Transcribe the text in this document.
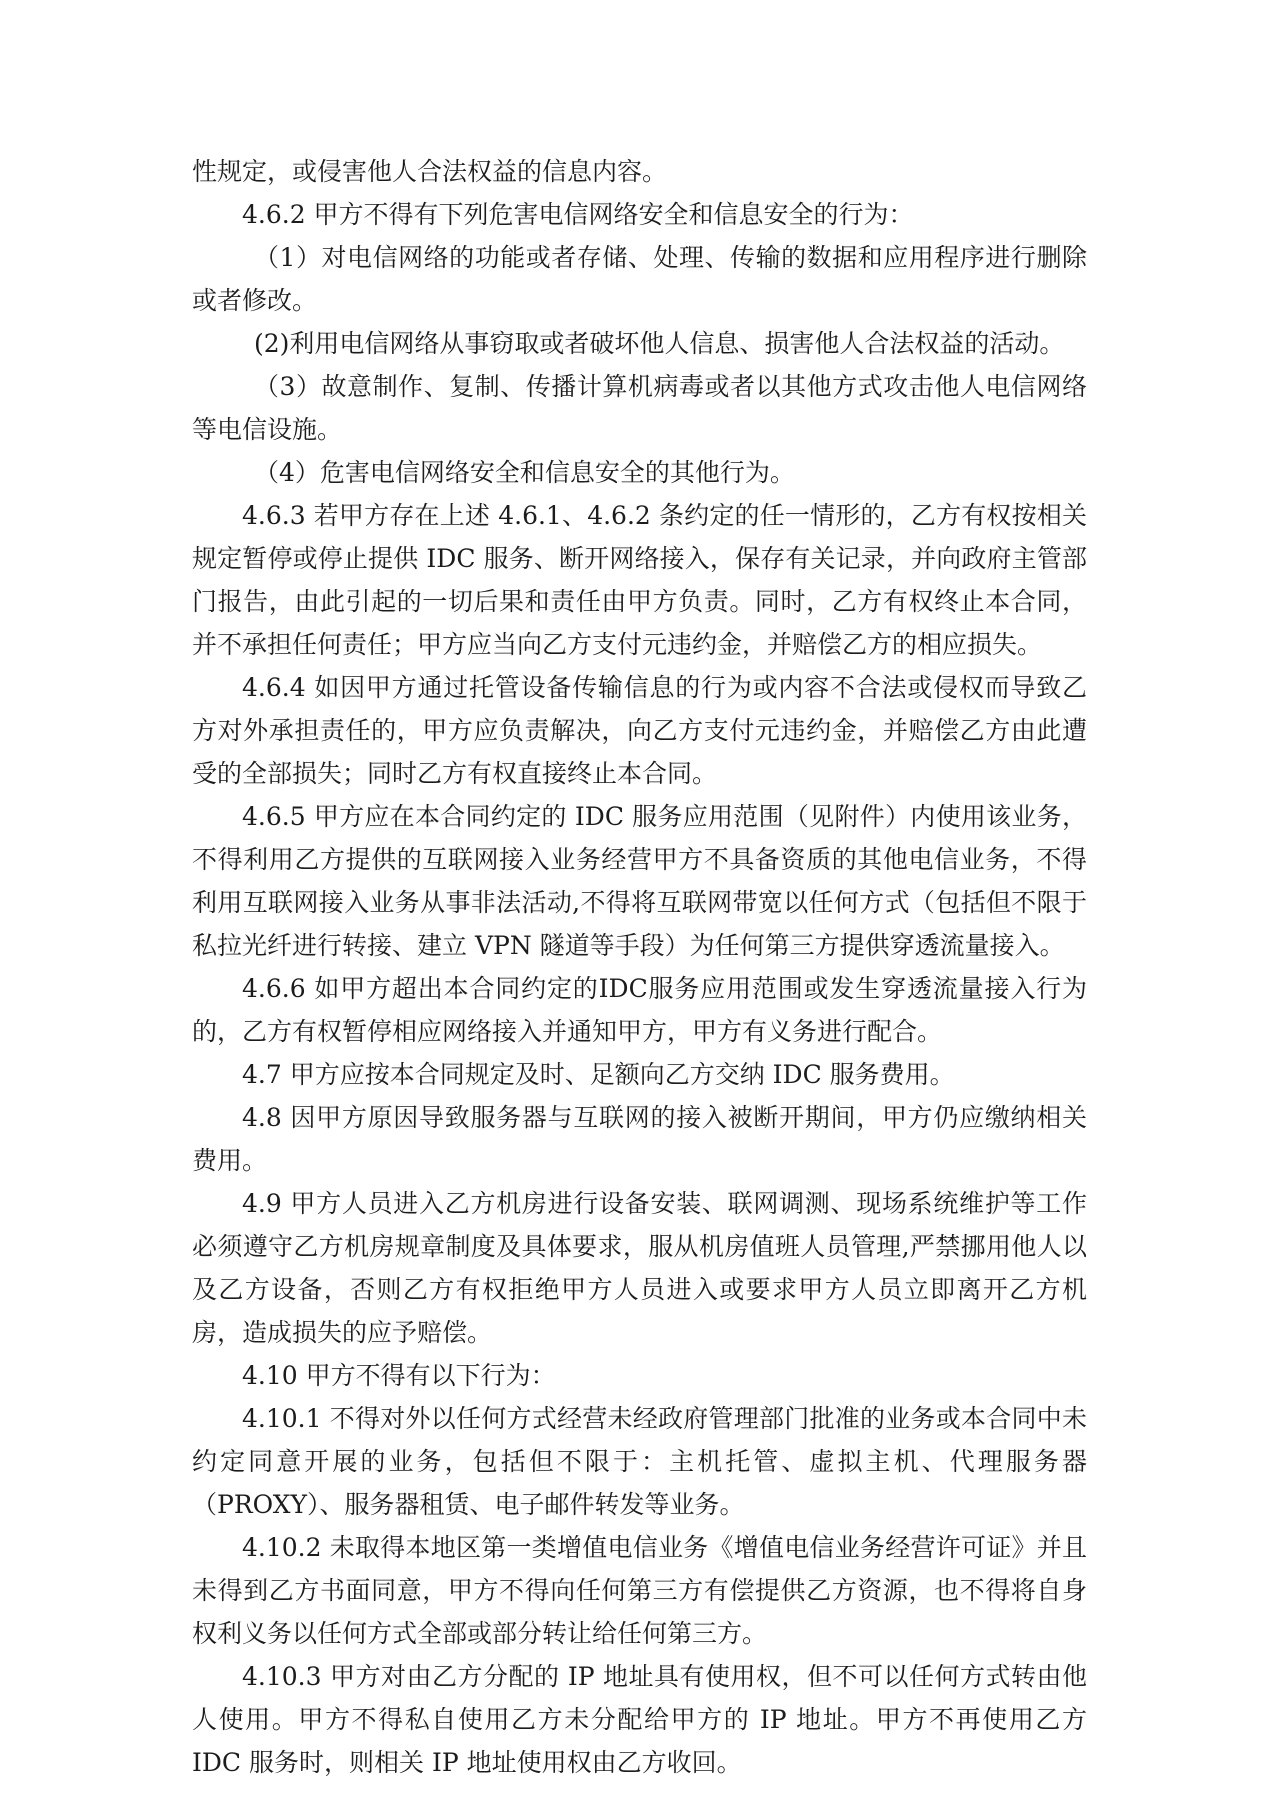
性规定，或侵害他人合法权益的信息内容。

4.6.2 甲方不得有下列危害电信网络安全和信息安全的行为：

（1）对电信网络的功能或者存储、处理、传输的数据和应用程序进行删除或者修改。

(2)利用电信网络从事窃取或者破坏他人信息、损害他人合法权益的活动。

（3）故意制作、复制、传播计算机病毒或者以其他方式攻击他人电信网络等电信设施。

（4）危害电信网络安全和信息安全的其他行为。

4.6.3 若甲方存在上述 4.6.1、4.6.2 条约定的任一情形的，乙方有权按相关规定暂停或停止提供 IDC 服务、断开网络接入，保存有关记录，并向政府主管部门报告，由此引起的一切后果和责任由甲方负责。同时，乙方有权终止本合同，并不承担任何责任；甲方应当向乙方支付元违约金，并赔偿乙方的相应损失。

4.6.4 如因甲方通过托管设备传输信息的行为或内容不合法或侵权而导致乙方对外承担责任的，甲方应负责解决，向乙方支付元违约金，并赔偿乙方由此遭受的全部损失；同时乙方有权直接终止本合同。

4.6.5 甲方应在本合同约定的 IDC 服务应用范围（见附件）内使用该业务，不得利用乙方提供的互联网接入业务经营甲方不具备资质的其他电信业务，不得利用互联网接入业务从事非法活动,不得将互联网带宽以任何方式（包括但不限于私拉光纤进行转接、建立 VPN 隧道等手段）为任何第三方提供穿透流量接入。

4.6.6 如甲方超出本合同约定的IDC服务应用范围或发生穿透流量接入行为的，乙方有权暂停相应网络接入并通知甲方，甲方有义务进行配合。

4.7 甲方应按本合同规定及时、足额向乙方交纳 IDC 服务费用。

4.8 因甲方原因导致服务器与互联网的接入被断开期间，甲方仍应缴纳相关费用。

4.9 甲方人员进入乙方机房进行设备安装、联网调测、现场系统维护等工作必须遵守乙方机房规章制度及具体要求，服从机房值班人员管理,严禁挪用他人以及乙方设备，否则乙方有权拒绝甲方人员进入或要求甲方人员立即离开乙方机房，造成损失的应予赔偿。

4.10 甲方不得有以下行为：

4.10.1 不得对外以任何方式经营未经政府管理部门批准的业务或本合同中未约定同意开展的业务，包括但不限于：主机托管、虚拟主机、代理服务器（PROXY）、服务器租赁、电子邮件转发等业务。

4.10.2 未取得本地区第一类增值电信业务《增值电信业务经营许可证》并且未得到乙方书面同意，甲方不得向任何第三方有偿提供乙方资源，也不得将自身权利义务以任何方式全部或部分转让给任何第三方。

4.10.3 甲方对由乙方分配的 IP 地址具有使用权，但不可以任何方式转由他人使用。甲方不得私自使用乙方未分配给甲方的 IP 地址。甲方不再使用乙方 IDC 服务时，则相关 IP 地址使用权由乙方收回。
